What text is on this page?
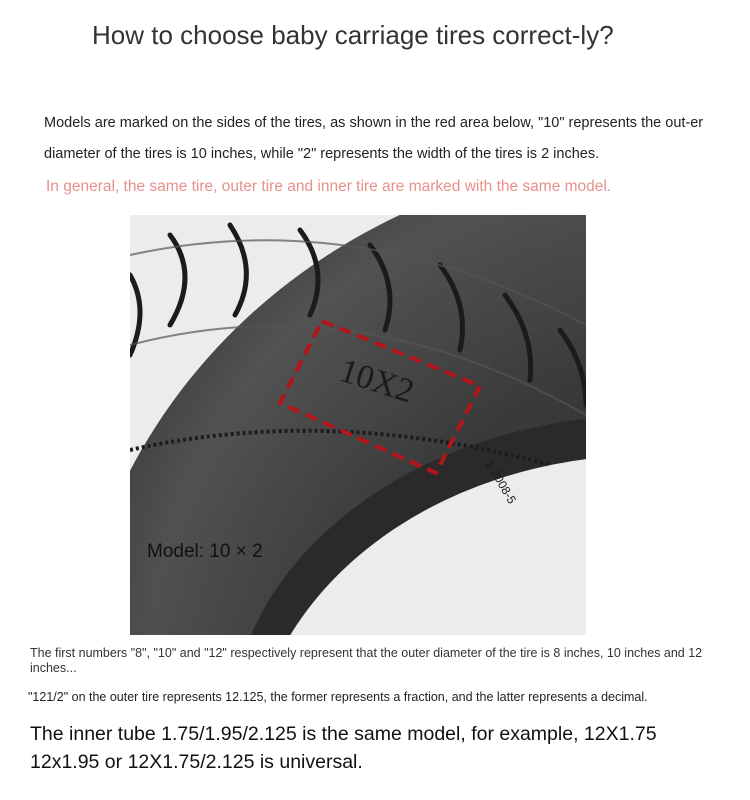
How to choose baby carriage tires correct-ly?

Models are marked on the sides of the tires, as shown in the red area below, "10" represents the out-er diameter of the tires is 10 inches, while "2" represents the width of the tires is 2 inches.

In general, the same tire, outer tire and inner tire are marked with the same model.

10X2
1-2008-5
Model: 10 × 2

The first numbers "8", "10" and "12" respectively represent that the outer diameter of the tire is 8 inches, 10 inches and 12 inches...

"121/2" on the outer tire represents 12.125, the former represents a fraction, and the latter represents a decimal.

The inner tube 1.75/1.95/2.125 is the same model, for example, 12X1.75 12x1.95 or 12X1.75/2.125 is universal.
